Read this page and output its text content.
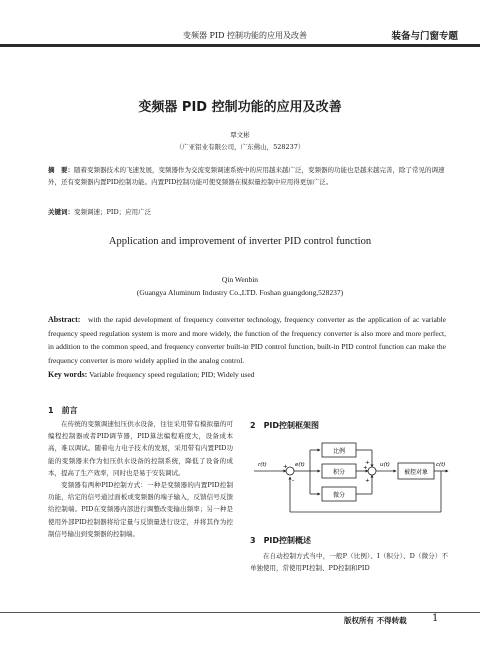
变频器 PID 控制功能的应用及改善	装备与门窗专题
变频器 PID 控制功能的应用及改善
覃文彬
（广亚铝业有限公司，广东佛山，528237）
摘　要：随着变频器技术的飞速发展，变频器作为交流变频调速系统中的应用越来越广泛，变频器的功能也是越来越完善，除了常见的调速外，还有变频器内置PID控制功能。内置PID控制功能可使变频器在模拟量控制中应用得更加广泛。
关键词：变频调速；PID；应用广泛
Application and improvement of inverter PID control function
Qin Wenbin
(Guangya Aluminum Industry Co.,LTD. Foshan guangdong,528237)
Abstract: with the rapid development of frequency converter technology, frequency converter as the application of ac variable frequency speed regulation system is more and more widely, the function of the frequency converter is also more and more perfect, in addition to the common speed, and frequency converter built-in PID control function, built-in PID control function can make the frequency converter is more widely applied in the analog control.
Key words: Variable frequency speed regulation; PID; Widely used
1　前言

在传统的变频调速恒压供水设备，往往采用带有模拟量的可编程控制器或者PID调节器，PID算法编程难度大，设备成本高，难以调试。随着电力电子技术的发展，采用带有内置PID功能的变频器来作为恒压供水设备的控制系统，降低了设备的成本，提高了生产效率，同时也是易于安装调试。

变频器有两种PID控制方式：一种是变频器的内置PID控制功能，给定的信号通过面板或变频器的端子输入，反馈信号反馈给控制端。PID在变频器内部进行调整改变输出频率；另一种是使用外部PID控制器将给定量与反馈量进行设定，并将其作为控制信号输出到变频器的控制端。

2　PID控制框架图
比例
积分
微分
被控对象
r(t)	e(t)	u(t)	c(t)
+
-
+
+
+
3　PID控制概述

在自动控制方式当中，一般P（比例）、I（积分）、D（微分）不单独使用，常使用PI控制、PD控制和PID

版权所有 不得转载	1
